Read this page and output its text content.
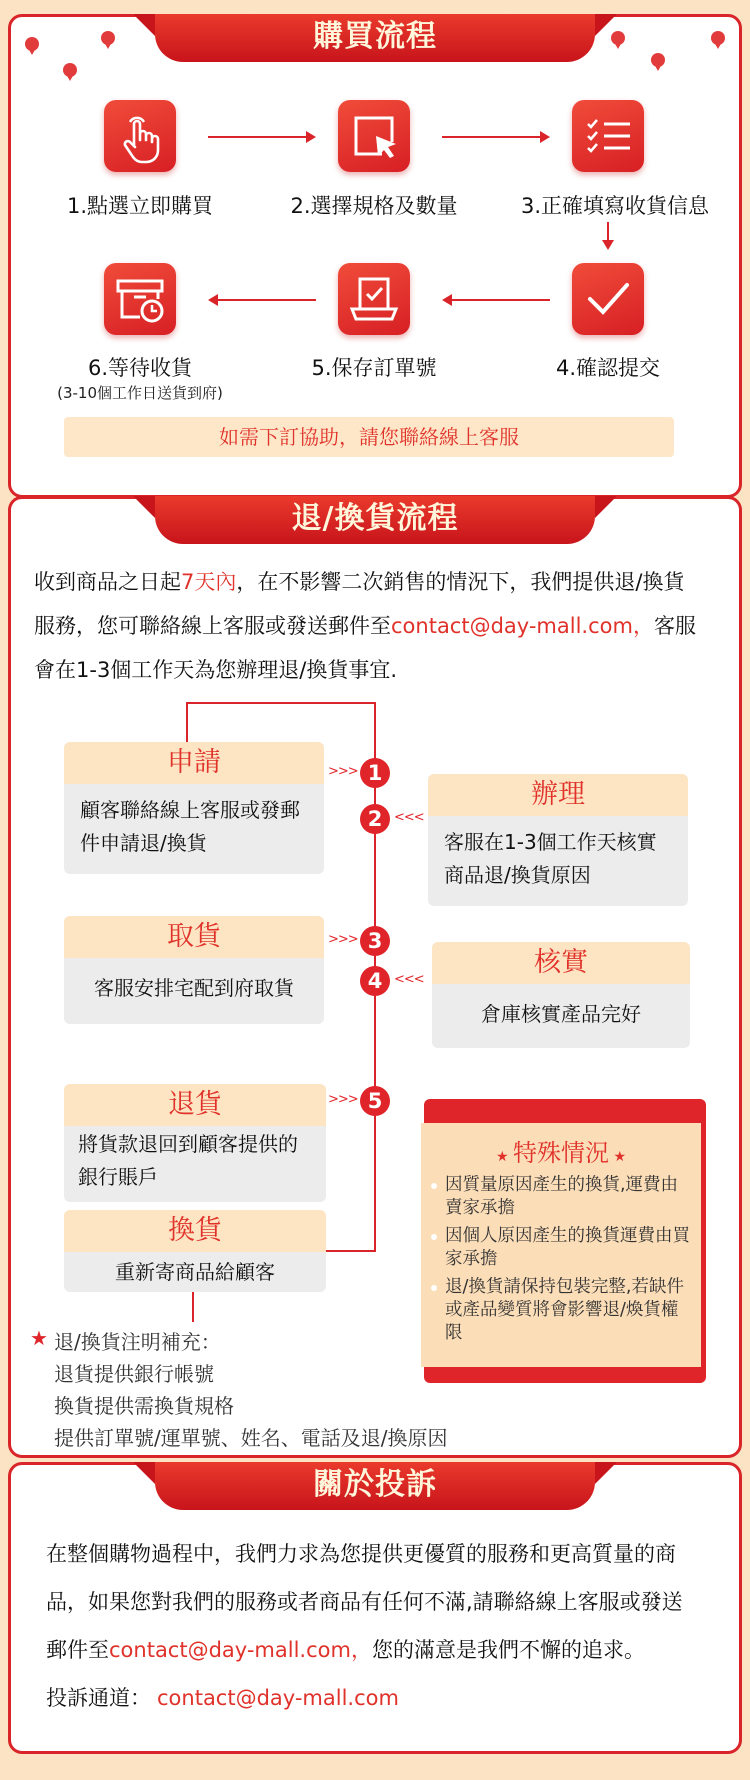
購買流程
1.點選立即購買	2.選擇規格及數量	3.正確填寫收貨信息
6.等待收貨
(3-10個工作日送貨到府)
5.保存訂單號	4.確認提交
如需下訂協助，請您聯絡線上客服
退/換貨流程
收到商品之日起7天內，在不影響二次銷售的情況下，我們提供退/換貨
服務，您可聯絡線上客服或發送郵件至contact@day-mall.com，客服
會在1-3個工作天為您辦理退/換貨事宜.
申請
顧客聯絡線上客服或發郵件申請退/換貨
辦理
客服在1-3個工作天核實商品退/換貨原因
取貨
客服安排宅配到府取貨
核實
倉庫核實產品完好
退貨
將貨款退回到顧客提供的銀行賬戶
換貨
重新寄商品給顧客
1
2
3
4
5
>>>
<<<
>>>
<<<
>>>
★ 特殊情況 ★
因質量原因產生的換貨,運費由賣家承擔
因個人原因產生的換貨運費由買家承擔
退/換貨請保持包裝完整,若缺件或產品變質將會影響退/煥貨權限
★ 退/換貨注明補充：
退貨提供銀行帳號
換貨提供需換貨規格
提供訂單號/運單號、姓名、電話及退/換原因
關於投訴
在整個購物過程中，我們力求為您提供更優質的服務和更高質量的商
品，如果您對我們的服務或者商品有任何不滿,請聯絡線上客服或發送
郵件至contact@day-mall.com，您的滿意是我們不懈的追求。
投訴通道： contact@day-mall.com
